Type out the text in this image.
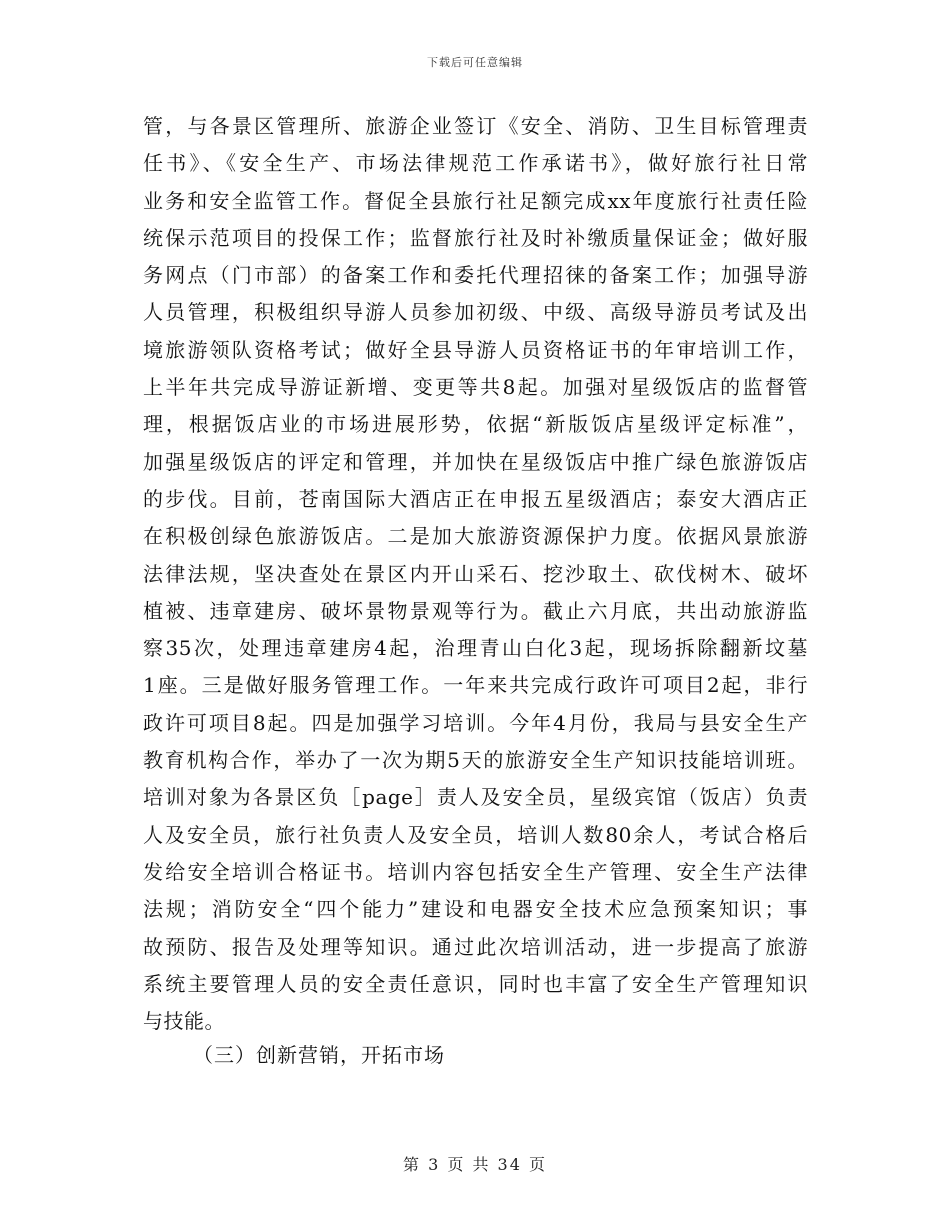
下载后可任意编辑
管，与各景区管理所、旅游企业签订《安全、消防、卫生目标管理责
任书》、《安全生产、市场法律规范工作承诺书》，做好旅行社日常
业务和安全监管工作。督促全县旅行社足额完成xx年度旅行社责任险
统保示范项目的投保工作；监督旅行社及时补缴质量保证金；做好服
务网点（门市部）的备案工作和委托代理招徕的备案工作；加强导游
人员管理，积极组织导游人员参加初级、中级、高级导游员考试及出
境旅游领队资格考试；做好全县导游人员资格证书的年审培训工作，
上半年共完成导游证新增、变更等共8起。加强对星级饭店的监督管
理，根据饭店业的市场进展形势，依据“新版饭店星级评定标准”，
加强星级饭店的评定和管理，并加快在星级饭店中推广绿色旅游饭店
的步伐。目前，苍南国际大酒店正在申报五星级酒店；泰安大酒店正
在积极创绿色旅游饭店。二是加大旅游资源保护力度。依据风景旅游
法律法规，坚决查处在景区内开山采石、挖沙取土、砍伐树木、破坏
植被、违章建房、破坏景物景观等行为。截止六月底，共出动旅游监
察35次，处理违章建房4起，治理青山白化3起，现场拆除翻新坟墓
1座。三是做好服务管理工作。一年来共完成行政许可项目2起，非行
政许可项目8起。四是加强学习培训。今年4月份，我局与县安全生产
教育机构合作，举办了一次为期5天的旅游安全生产知识技能培训班。
培训对象为各景区负［page］责人及安全员，星级宾馆（饭店）负责
人及安全员，旅行社负责人及安全员，培训人数80余人，考试合格后
发给安全培训合格证书。培训内容包括安全生产管理、安全生产法律
法规；消防安全“四个能力”建设和电器安全技术应急预案知识；事
故预防、报告及处理等知识。通过此次培训活动，进一步提高了旅游
系统主要管理人员的安全责任意识，同时也丰富了安全生产管理知识
与技能。
（三）创新营销，开拓市场
第 3 页 共 34 页
